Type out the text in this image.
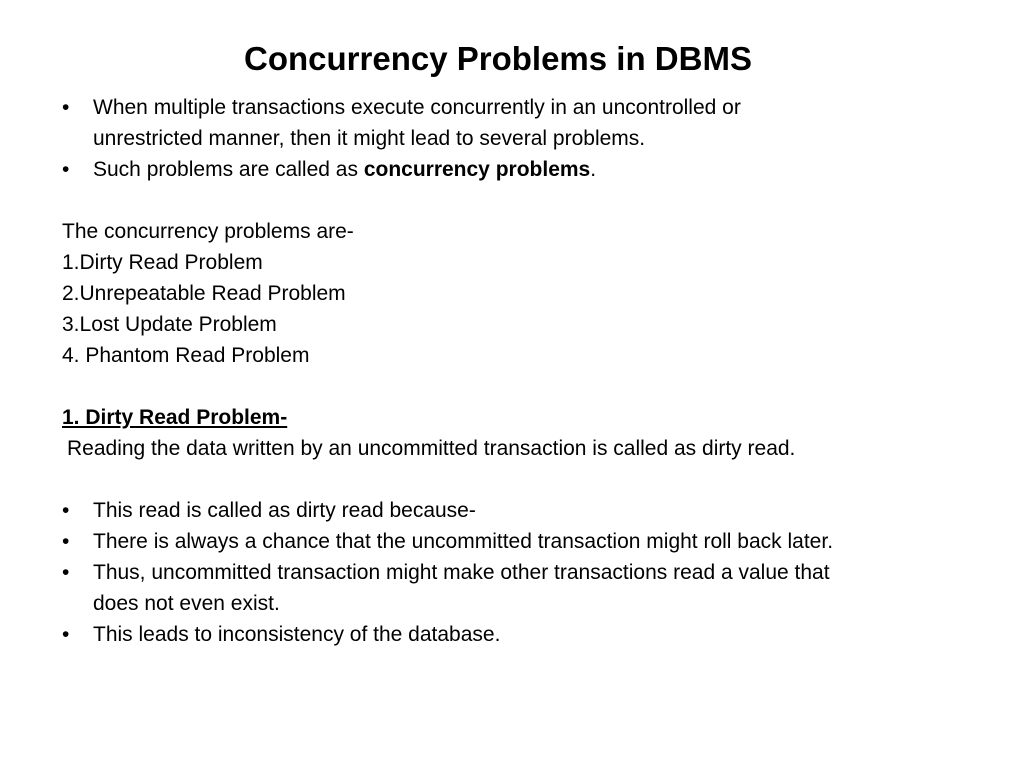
Concurrency Problems in DBMS
•	When multiple transactions execute concurrently in an uncontrolled or
unrestricted manner, then it might lead to several problems.
•	Such problems are called as concurrency problems.
The concurrency problems are-
1.Dirty Read Problem
2.Unrepeatable Read Problem
3.Lost Update Problem
4. Phantom Read Problem
1. Dirty Read Problem-
Reading the data written by an uncommitted transaction is called as dirty read.
•	This read is called as dirty read because-
•	There is always a chance that the uncommitted transaction might roll back later.
•	Thus, uncommitted transaction might make other transactions read a value that
does not even exist.
•	This leads to inconsistency of the database.
